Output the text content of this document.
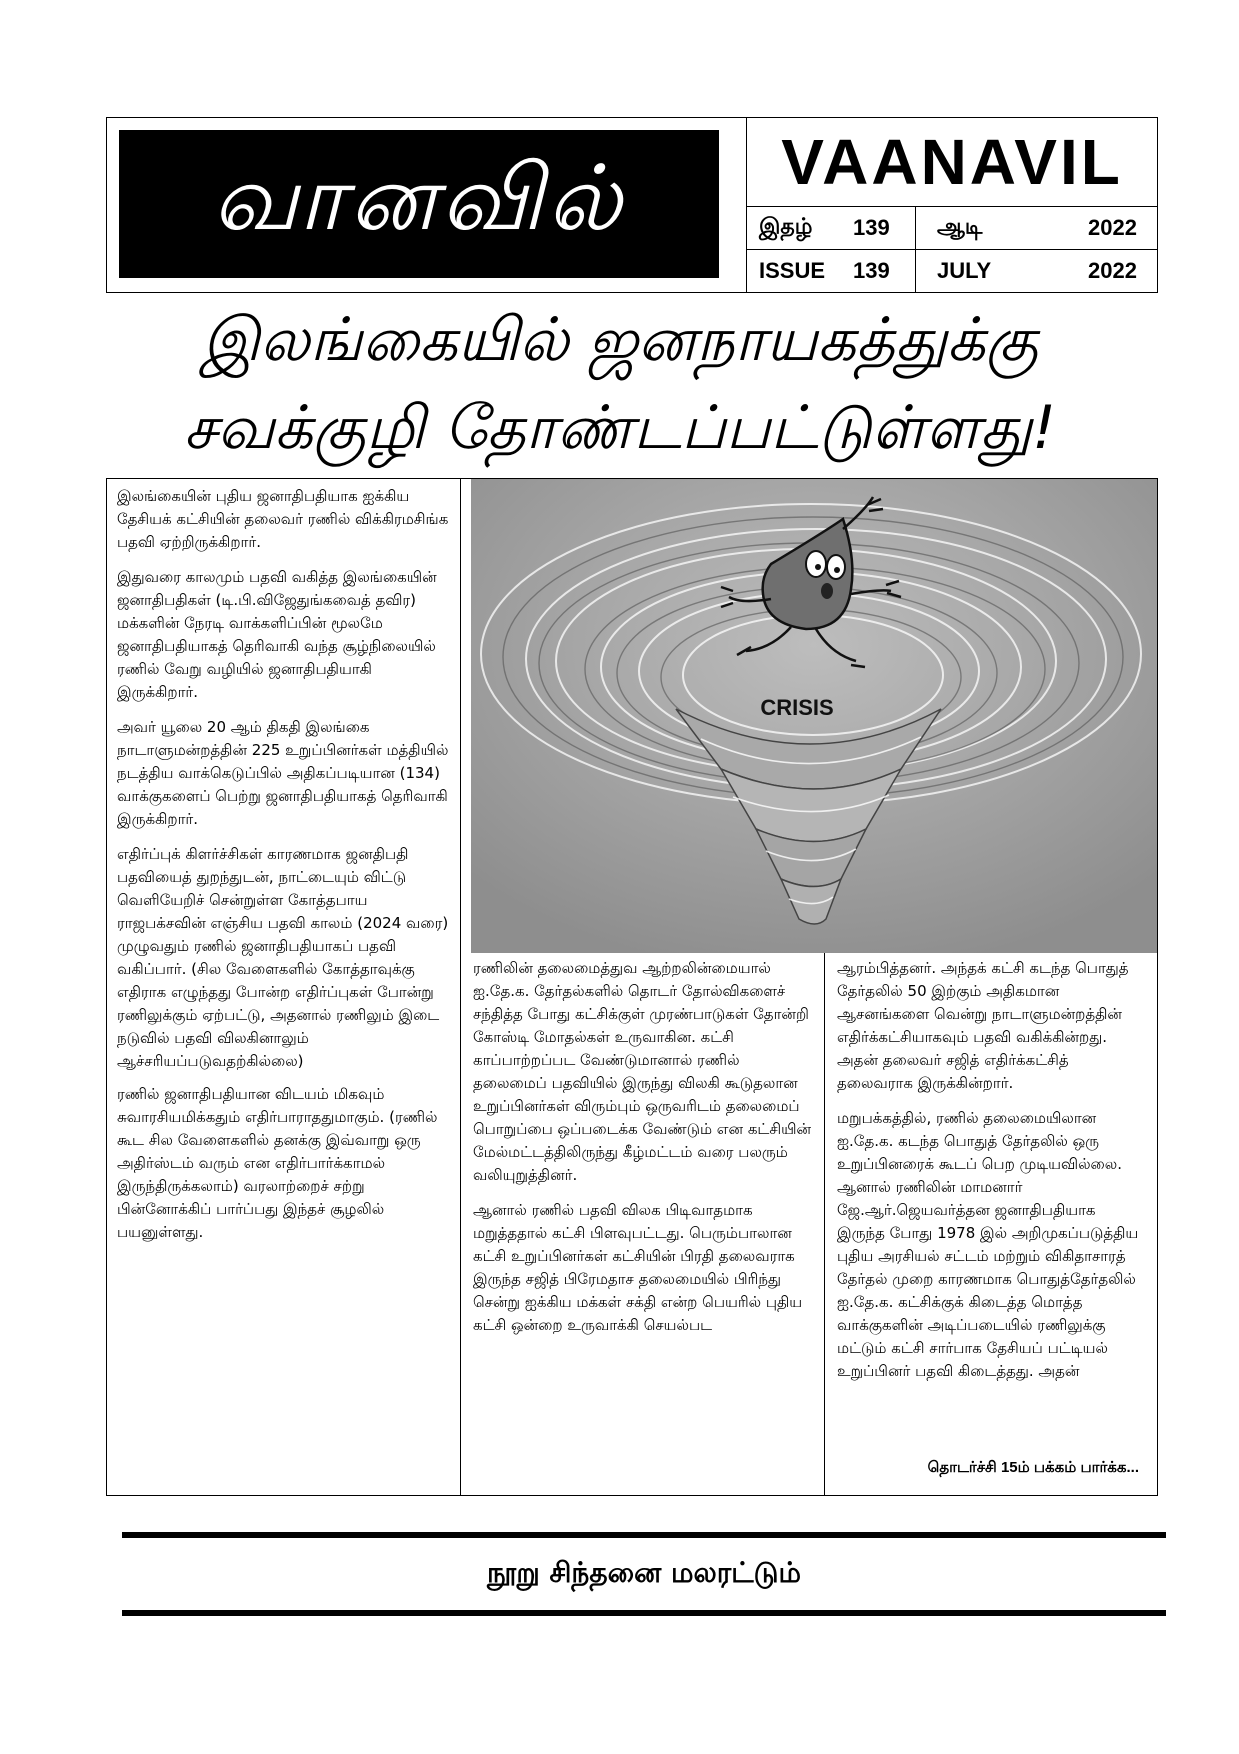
வானவில்	VAANAVIL
இதழ் 139 ஆடி	2022
ISSUE 139 JULY	2022
இலங்கையில் ஜனநாயகத்துக்கு
சவக்குழி தோண்டப்பட்டுள்ளது!

இலங்கையின் புதிய ஜனாதிபதியாக ஐக்கிய தேசியக் கட்சியின் தலைவர் ரணில் விக்கிரமசிங்க பதவி ஏற்றிருக்கிறார்.

இதுவரை காலமும் பதவி வகித்த இலங்கையின் ஜனாதிபதிகள் (டி.பி.விஜேதுங்கவைத் தவிர) மக்களின் நேரடி வாக்களிப்பின் மூலமே ஜனாதிபதியாகத் தெரிவாகி வந்த சூழ்நிலையில் ரணில் வேறு வழியில் ஜனாதிபதியாகி இருக்கிறார்.

அவர் யூலை 20 ஆம் திகதி இலங்கை நாடாளுமன்றத்தின் 225 உறுப்பினர்கள் மத்தியில் நடத்திய வாக்கெடுப்பில் அதிகப்படியான (134) வாக்குகளைப் பெற்று ஜனாதிபதியாகத் தெரிவாகி இருக்கிறார்.

எதிர்ப்புக் கிளர்ச்சிகள் காரணமாக ஜனதிபதி பதவியைத் துறந்துடன், நாட்டையும் விட்டு வெளியேறிச் சென்றுள்ள கோத்தபாய ராஜபக்சவின் எஞ்சிய பதவி காலம் (2024 வரை) முழுவதும் ரணில் ஜனாதிபதியாகப் பதவி வகிப்பார். (சில வேளைகளில் கோத்தாவுக்கு எதிராக எழுந்தது போன்ற எதிர்ப்புகள் போன்று ரணிலுக்கும் ஏற்பட்டு, அதனால் ரணிலும் இடை நடுவில் பதவி விலகினாலும் ஆச்சரியப்படுவதற்கில்லை)

ரணில் ஜனாதிபதியான விடயம் மிகவும் சுவாரசியமிக்கதும் எதிர்பாராததுமாகும். (ரணில் கூட சில வேளைகளில் தனக்கு இவ்வாறு ஒரு அதிர்ஸ்டம் வரும் என எதிர்பார்க்காமல் இருந்திருக்கலாம்) வரலாற்றைச் சற்று பின்னோக்கிப் பார்ப்பது இந்தச் சூழலில் பயனுள்ளது.

CRISIS

ரணிலின் தலைமைத்துவ ஆற்றலின்மையால் ஐ.தே.க. தேர்தல்களில் தொடர் தோல்விகளைச் சந்தித்த போது கட்சிக்குள் முரண்பாடுகள் தோன்றி கோஸ்டி மோதல்கள் உருவாகின. கட்சி காப்பாற்றப்பட வேண்டுமானால் ரணில் தலைமைப் பதவியில் இருந்து விலகி கூடுதலான உறுப்பினர்கள் விரும்பும் ஒருவரிடம் தலைமைப் பொறுப்பை ஒப்படைக்க வேண்டும் என கட்சியின் மேல்மட்டத்திலிருந்து கீழ்மட்டம் வரை பலரும் வலியுறுத்தினர்.

ஆனால் ரணில் பதவி விலக பிடிவாதமாக மறுத்ததால் கட்சி பிளவுபட்டது. பெரும்பாலான கட்சி உறுப்பினர்கள் கட்சியின் பிரதி தலைவராக இருந்த சஜித் பிரேமதாச தலைமையில் பிரிந்து சென்று ஐக்கிய மக்கள் சக்தி என்ற பெயரில் புதிய கட்சி ஒன்றை உருவாக்கி செயல்பட

ஆரம்பித்தனர். அந்தக் கட்சி கடந்த பொதுத் தேர்தலில் 50 இற்கும் அதிகமான ஆசனங்களை வென்று நாடாளுமன்றத்தின் எதிர்க்கட்சியாகவும் பதவி வகிக்கின்றது. அதன் தலைவர் சஜித் எதிர்க்கட்சித் தலைவராக இருக்கின்றார்.

மறுபக்கத்தில், ரணில் தலைமையிலான ஐ.தே.க. கடந்த பொதுத் தேர்தலில் ஒரு உறுப்பினரைக் கூடப் பெற முடியவில்லை. ஆனால் ரணிலின் மாமனார் ஜே.ஆர்.ஜெயவர்த்தன ஜனாதிபதியாக இருந்த போது 1978 இல் அறிமுகப்படுத்திய புதிய அரசியல் சட்டம் மற்றும் விகிதாசாரத் தேர்தல் முறை காரணமாக பொதுத்தேர்தலில் ஐ.தே.க. கட்சிக்குக் கிடைத்த மொத்த வாக்குகளின் அடிப்படையில் ரணிலுக்கு மட்டும் கட்சி சார்பாக தேசியப் பட்டியல் உறுப்பினர் பதவி கிடைத்தது. அதன்

தொடர்ச்சி 15ம் பக்கம் பார்க்க...
நூறு சிந்தனை மலரட்டும்
